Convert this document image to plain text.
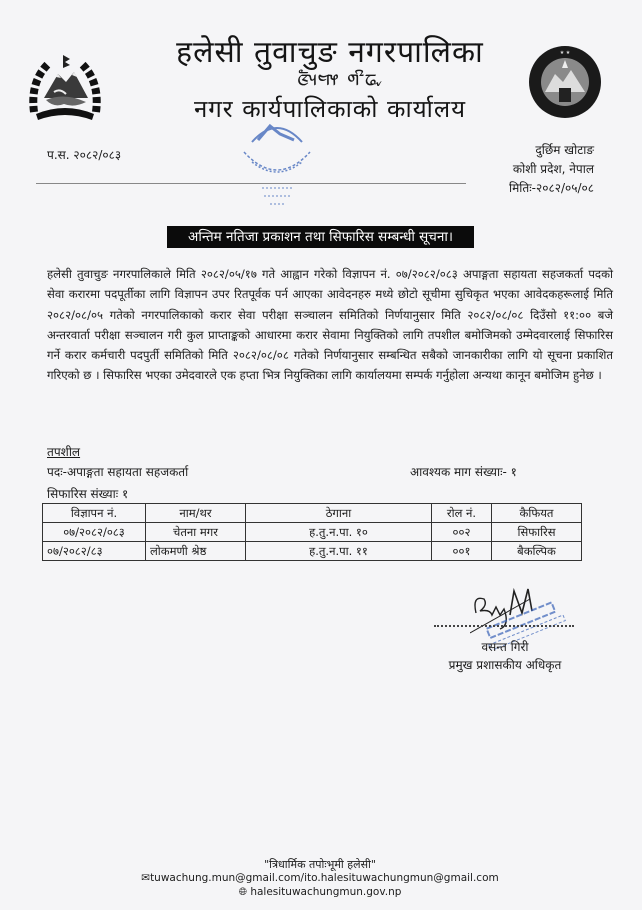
★ ★
हलेसी तुवाचुङ नगरपालिका
ᤜᤠᤵᤗᤶ ᤛᤡᤒᤩ
नगर कार्यपालिकाको कार्यालय
प.स. २०८२/०८३	दुर्छिम खोटाङ
कोशी प्रदेश, नेपाल
मितिः-२०८२/०५/०८
अन्तिम नतिजा प्रकाशन तथा सिफारिस सम्बन्धी सूचना।
हलेसी तुवाचुङ नगरपालिकाले मिति २०८२/०५/१७ गते आह्वान गरेको विज्ञापन नं. ०७/२०८२/०८३ अपाङ्गता सहायता सहजकर्ता पदको सेवा करारमा पदपूर्तीका लागि विज्ञापन उपर रितपूर्वक पर्न आएका आवेदनहरु मध्ये छोटो सूचीमा सुचिकृत भएका आवेदकहरूलाई मिति २०८२/०८/०५ गतेको नगरपालिकाको करार सेवा परीक्षा सञ्चालन समितिको निर्णयानुसार मिति २०८२/०८/०८ दिउँसो ११:०० बजे अन्तरवार्ता परीक्षा सञ्चालन गरी कुल प्राप्ताङ्कको आधारमा करार सेवामा नियुक्तिको लागि तपशील बमोजिमको उम्मेदवारलाई सिफारिस गर्ने करार कर्मचारी पदपुर्ती समितिको मिति २०८२/०८/०८ गतेको निर्णयानुसार सम्बन्धित सबैको जानकारीका लागि यो सूचना प्रकाशित गरिएको छ । सिफारिस भएका उमेदवारले एक हप्ता भित्र नियुक्तिका लागि कार्यालयमा सम्पर्क गर्नुहोला अन्यथा कानून बमोजिम हुनेछ ।
तपशील
पदः-अपाङ्गता सहायता सहजकर्ता	आवश्यक माग संख्याः- १
सिफारिस संख्याः १
विज्ञापन नं.	नाम/थर	ठेगाना	रोल नं.	कैफियत
०७/२०८२/०८३	चेतना मगर	ह.तु.न.पा. १०	००२	सिफारिस
०७/२०८२/८३	लोकमणी श्रेष्ठ	ह.तु.न.पा. ११	००१	बैकल्पिक
वसन्त गिरी
प्रमुख प्रशासकीय अधिकृत
"त्रिधार्मिक तपोःभूमी हलेसी"
✉tuwachung.mun@gmail.com/ito.halesituwachungmun@gmail.com
🌐︎ halesituwachungmun.gov.np
